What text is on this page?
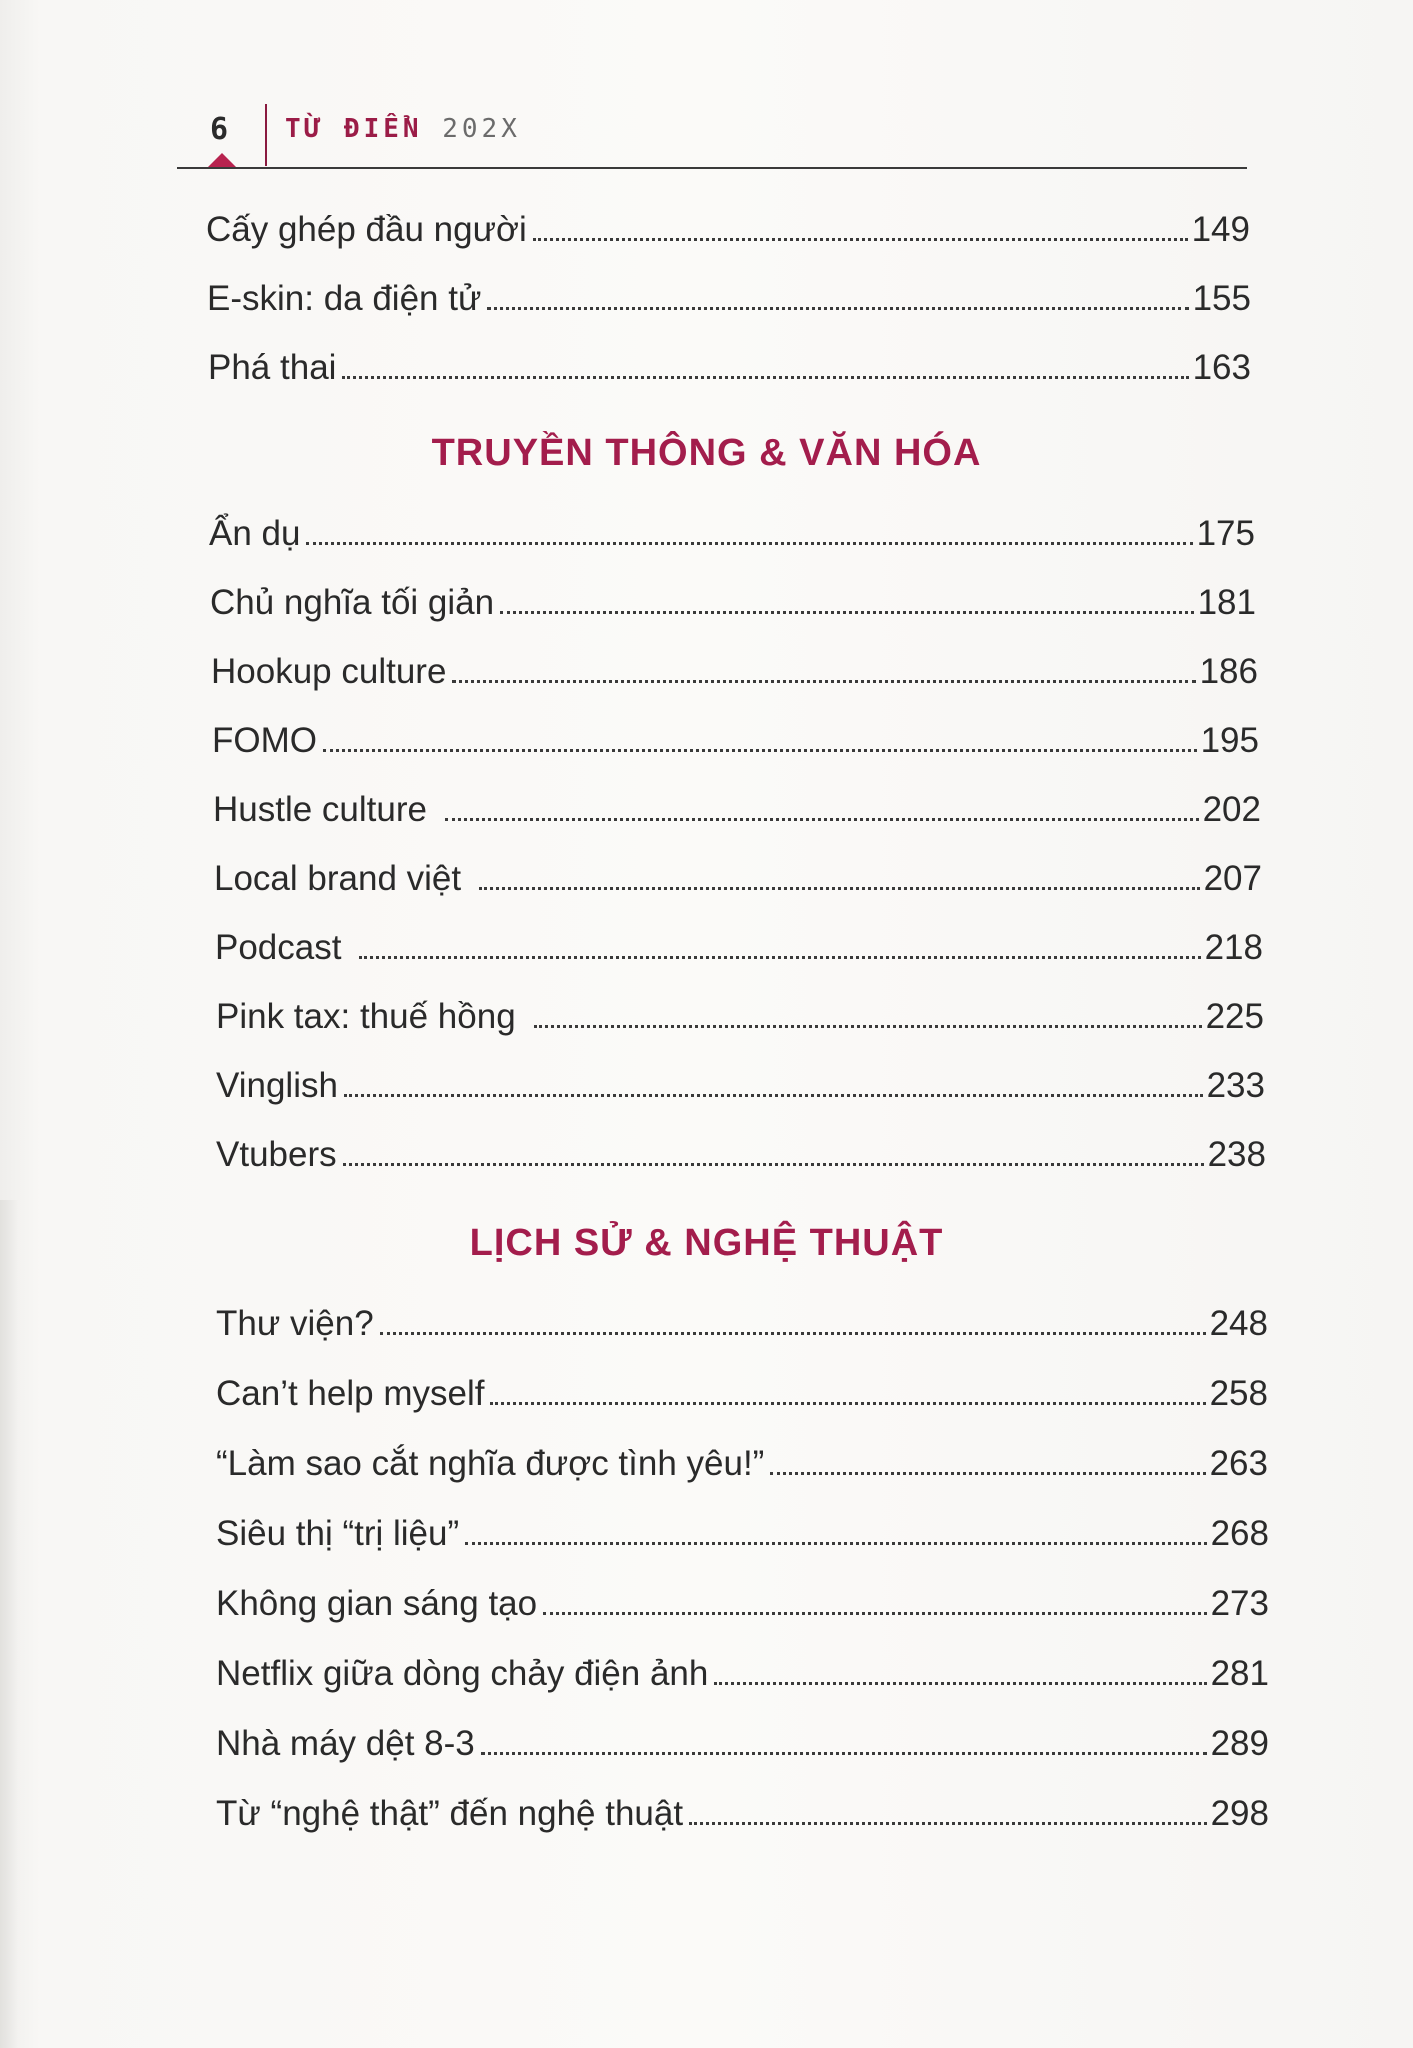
6 TỪ ĐIỂN 202X
Cấy ghép đầu người	149
E-skin: da điện tử	155
Phá thai	163
TRUYỀN THÔNG & VĂN HÓA
Ẩn dụ	175
Chủ nghĩa tối giản	181
Hookup culture	186
FOMO	195
Hustle culture	202
Local brand việt	207
Podcast	218
Pink tax: thuế hồng	225
Vinglish	233
Vtubers	238
LỊCH SỬ & NGHỆ THUẬT
Thư viện?	248
Can’t help myself	258
“Làm sao cắt nghĩa được tình yêu!”	263
Siêu thị “trị liệu”	268
Không gian sáng tạo	273
Netflix giữa dòng chảy điện ảnh	281
Nhà máy dệt 8-3	289
Từ “nghệ thật” đến nghệ thuật	298
